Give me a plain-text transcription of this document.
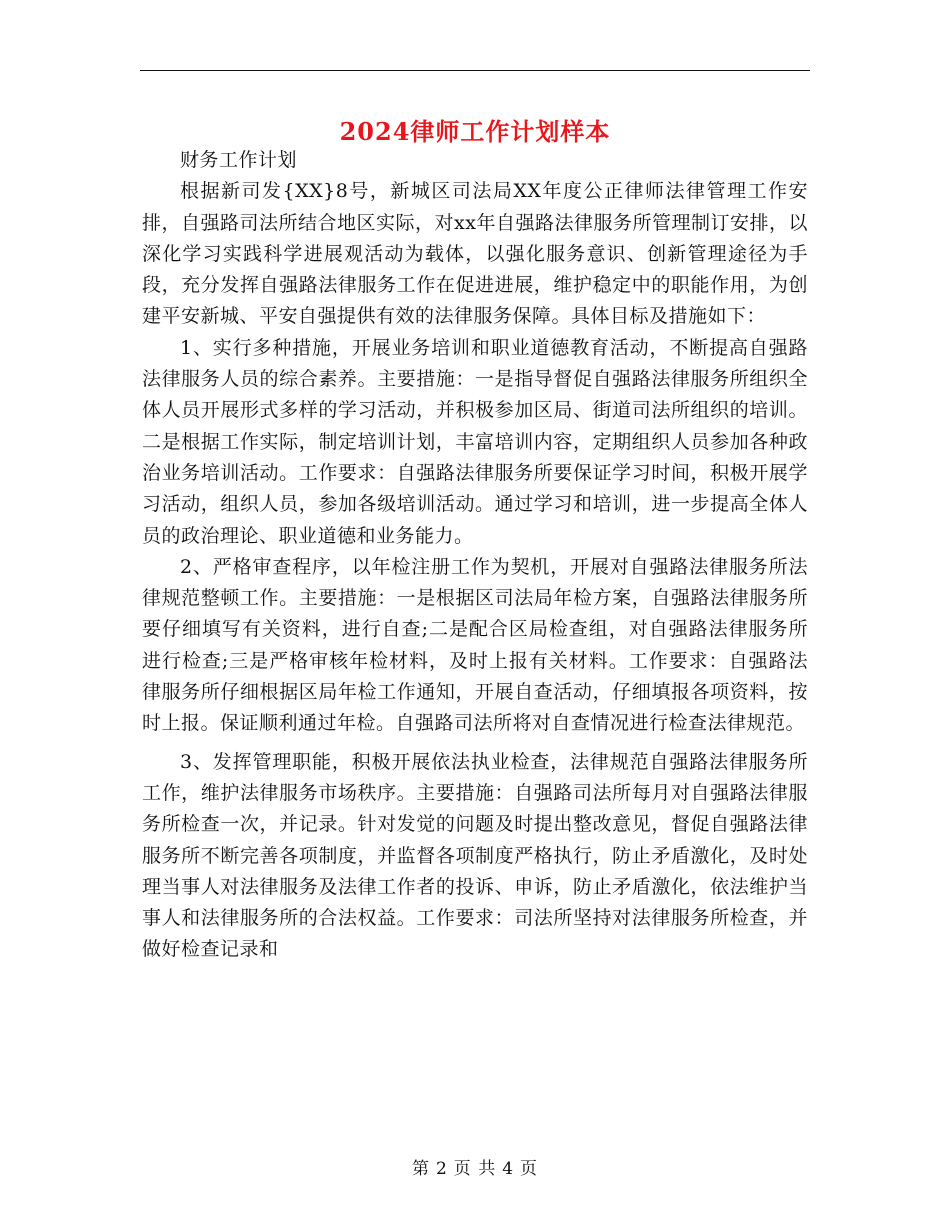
2024律师工作计划样本

财务工作计划

根据新司发{XX}8号，新城区司法局XX年度公正律师法律管理工作安排，自强路司法所结合地区实际，对xx年自强路法律服务所管理制订安排，以深化学习实践科学进展观活动为载体，以强化服务意识、创新管理途径为手段，充分发挥自强路法律服务工作在促进进展，维护稳定中的职能作用，为创建平安新城、平安自强提供有效的法律服务保障。具体目标及措施如下：

1、实行多种措施，开展业务培训和职业道德教育活动，不断提高自强路法律服务人员的综合素养。主要措施：一是指导督促自强路法律服务所组织全体人员开展形式多样的学习活动，并积极参加区局、街道司法所组织的培训。二是根据工作实际，制定培训计划，丰富培训内容，定期组织人员参加各种政治业务培训活动。工作要求：自强路法律服务所要保证学习时间，积极开展学习活动，组织人员，参加各级培训活动。通过学习和培训，进一步提高全体人员的政治理论、职业道德和业务能力。

2、严格审查程序，以年检注册工作为契机，开展对自强路法律服务所法律规范整顿工作。主要措施：一是根据区司法局年检方案，自强路法律服务所要仔细填写有关资料，进行自查;二是配合区局检查组，对自强路法律服务所进行检查;三是严格审核年检材料，及时上报有关材料。工作要求：自强路法律服务所仔细根据区局年检工作通知，开展自查活动，仔细填报各项资料，按时上报。保证顺利通过年检。自强路司法所将对自查情况进行检查法律规范。

3、发挥管理职能，积极开展依法执业检查，法律规范自强路法律服务所工作，维护法律服务市场秩序。主要措施：自强路司法所每月对自强路法律服务所检查一次，并记录。针对发觉的问题及时提出整改意见，督促自强路法律服务所不断完善各项制度，并监督各项制度严格执行，防止矛盾激化，及时处理当事人对法律服务及法律工作者的投诉、申诉，防止矛盾激化，依法维护当事人和法律服务所的合法权益。工作要求：司法所坚持对法律服务所检查，并做好检查记录和

第 2 页 共 4 页
